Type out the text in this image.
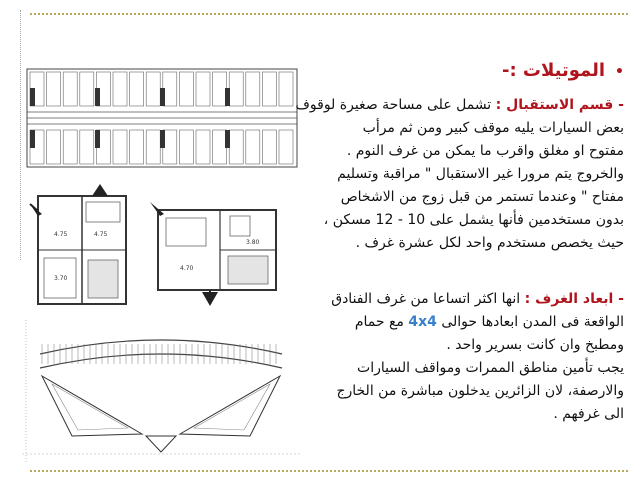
4.75	4.75
3.70
4.70
3.80
•الموتيلات :-

- قسم الاستقبال : تشمل على مساحة صغيرة لوقوف

بعض السيارات يليه موقف كبير ومن ثم مرأب

مفتوح او مغلق واقرب ما يمكن من غرف النوم .

والخروج يتم مرورا غير الاستقبال " مراقبة وتسليم

مفتاح " وعندما تستمر من قبل زوج من الاشخاص

بدون مستخدمين فأنها يشمل على 10 - 12 مسكن ،

حيث يخصص مستخدم واحد لكل عشرة غرف .

- ابعاد الغرف : انها اكثر اتساعا من غرف الفنادق

الواقعة فى المدن ابعادها حوالى 4x4 مع حمام

ومطبخ وان كانت بسرير واحد .

يجب تأمين مناطق الممرات ومواقف السيارات

والارصفة، لان الزائرين يدخلون مباشرة من الخارج

الى غرفهم .
